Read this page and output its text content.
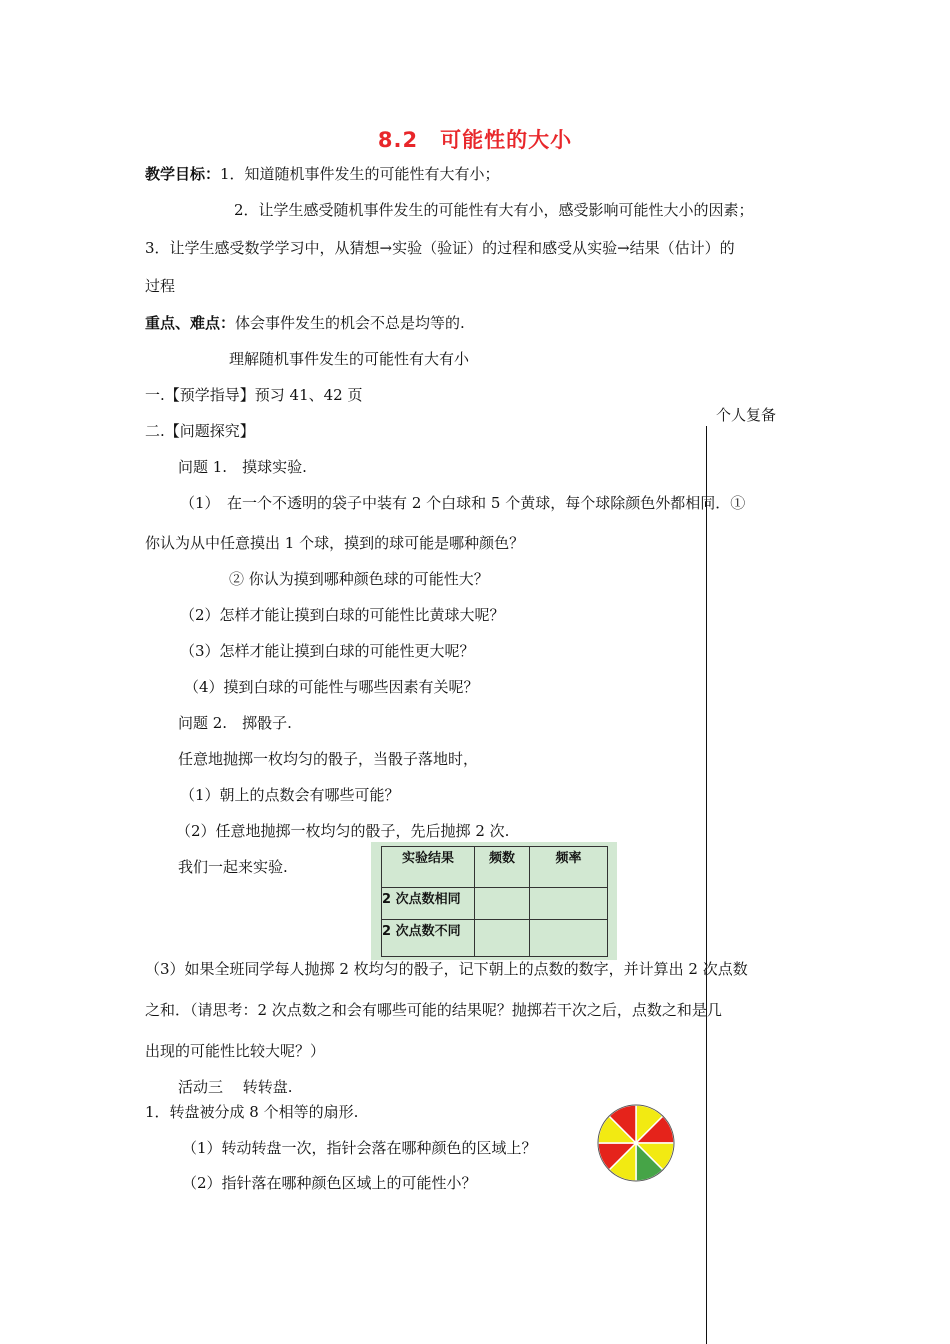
8.2　可能性的大小
教学目标：1．知道随机事件发生的可能性有大有小；
2．让学生感受随机事件发生的可能性有大有小，感受影响可能性大小的因素；
3．让学生感受数学学习中，从猜想→实验（验证）的过程和感受从实验→结果（估计）的
过程
重点、难点：体会事件发生的机会不总是均等的.
理解随机事件发生的可能性有大有小
一.【预学指导】预习 41、42 页
个人复备
二.【问题探究】
问题 1.　摸球实验.
（1）　在一个不透明的袋子中装有 2 个白球和 5 个黄球，每个球除颜色外都相同．①
你认为从中任意摸出 1 个球，摸到的球可能是哪种颜色？
② 你认为摸到哪种颜色球的可能性大？
（2）怎样才能让摸到白球的可能性比黄球大呢？
（3）怎样才能让摸到白球的可能性更大呢？
（4）摸到白球的可能性与哪些因素有关呢？
问题 2.　掷骰子.
任意地抛掷一枚均匀的骰子，当骰子落地时，
（1）朝上的点数会有哪些可能？
（2）任意地抛掷一枚均匀的骰子，先后抛掷 2 次.
我们一起来实验.	实验结果	频数	频率
2 次点数相同		
2 次点数不同		
（3）如果全班同学每人抛掷 2 枚均匀的骰子，记下朝上的点数的数字，并计算出 2 次点数
之和．（请思考：2 次点数之和会有哪些可能的结果呢？抛掷若干次之后，点数之和是几
出现的可能性比较大呢？）
活动三　 转转盘.
1．转盘被分成 8 个相等的扇形.
（1）转动转盘一次，指针会落在哪种颜色的区域上？
（2）指针落在哪种颜色区域上的可能性小？
